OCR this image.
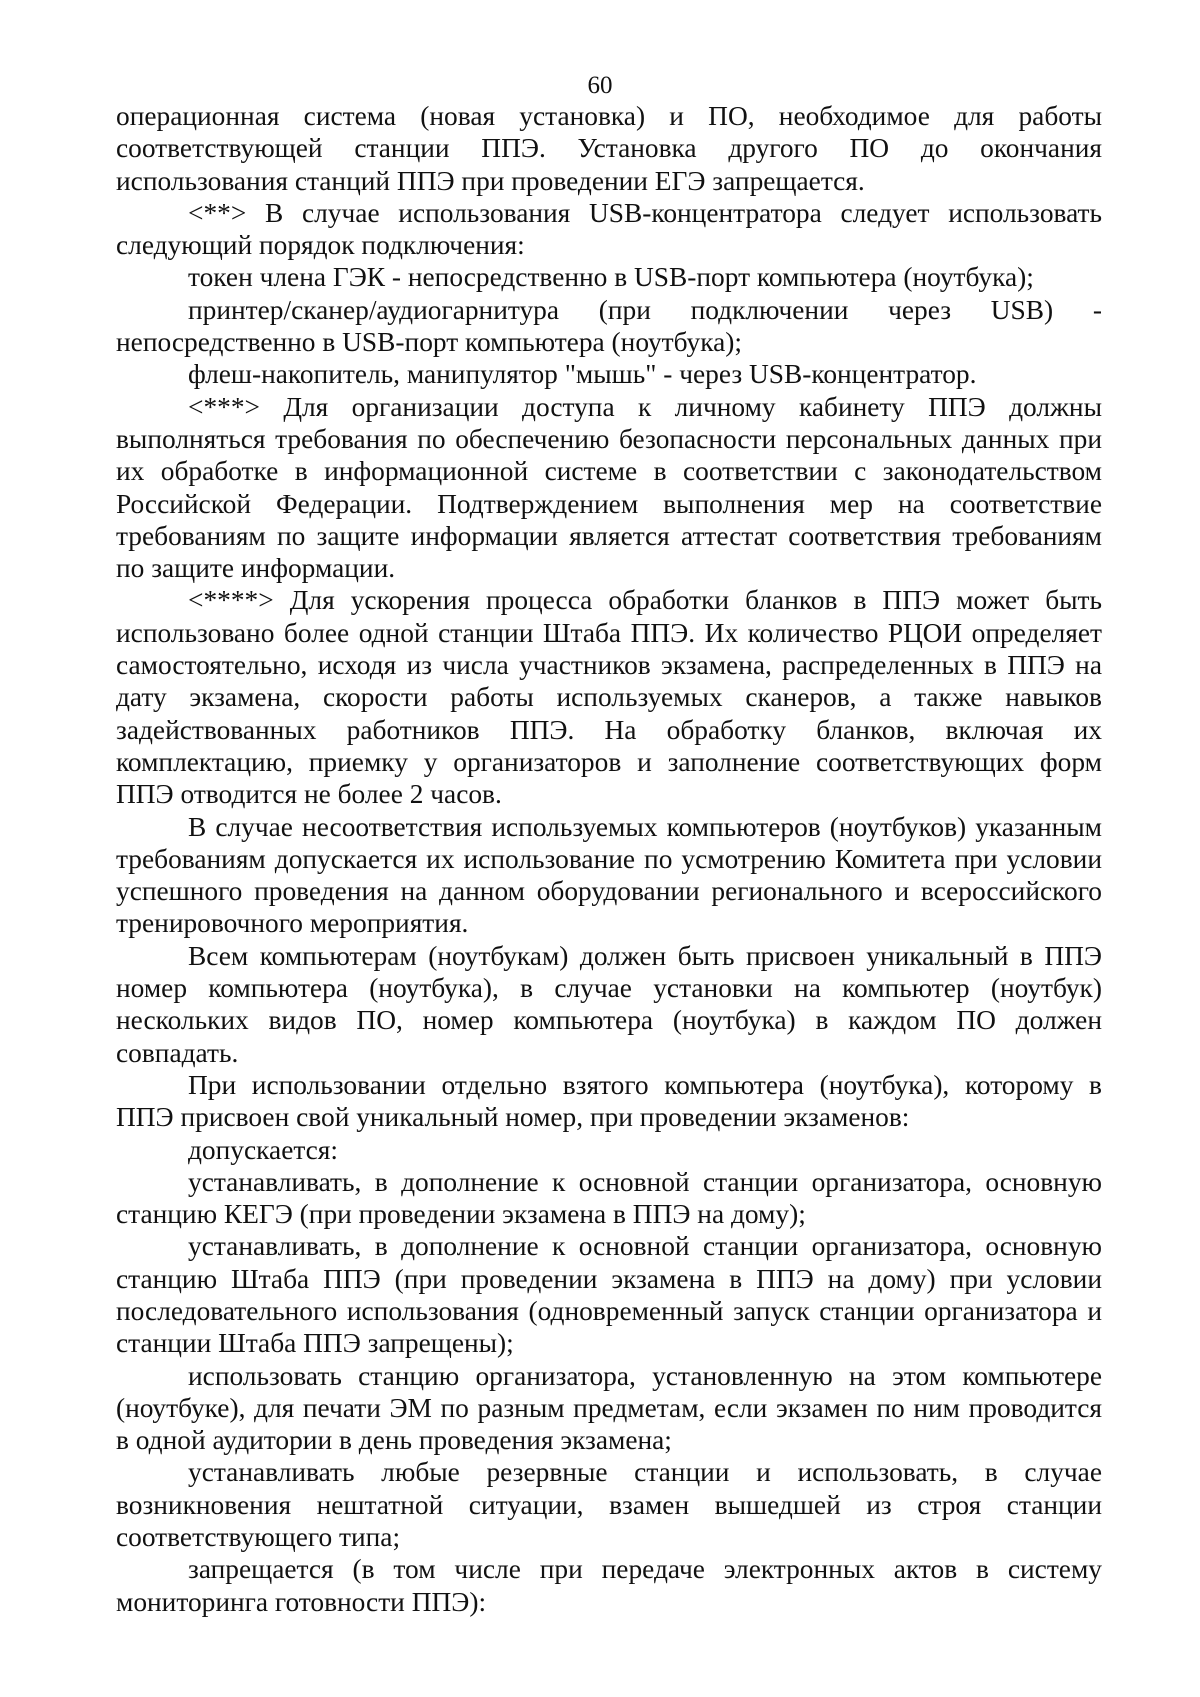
60

операционная система (новая установка) и ПО, необходимое для работы соответствующей станции ППЭ. Установка другого ПО до окончания использования станций ППЭ при проведении ЕГЭ запрещается.

<**> В случае использования USB-концентратора следует использовать следующий порядок подключения:

токен члена ГЭК - непосредственно в USB-порт компьютера (ноутбука);

принтер/сканер/аудиогарнитура (при подключении через USB) - непосредственно в USB-порт компьютера (ноутбука);

флеш-накопитель, манипулятор "мышь" - через USB-концентратор.

<***> Для организации доступа к личному кабинету ППЭ должны выполняться требования по обеспечению безопасности персональных данных при их обработке в информационной системе в соответствии с законодательством Российской Федерации. Подтверждением выполнения мер на соответствие требованиям по защите информации является аттестат соответствия требованиям по защите информации.

<****> Для ускорения процесса обработки бланков в ППЭ может быть использовано более одной станции Штаба ППЭ. Их количество РЦОИ определяет самостоятельно, исходя из числа участников экзамена, распределенных в ППЭ на дату экзамена, скорости работы используемых сканеров, а также навыков задействованных работников ППЭ. На обработку бланков, включая их комплектацию, приемку у организаторов и заполнение соответствующих форм ППЭ отводится не более 2 часов.

В случае несоответствия используемых компьютеров (ноутбуков) указанным требованиям допускается их использование по усмотрению Комитета при условии успешного проведения на данном оборудовании регионального и всероссийского тренировочного мероприятия.

Всем компьютерам (ноутбукам) должен быть присвоен уникальный в ППЭ номер компьютера (ноутбука), в случае установки на компьютер (ноутбук) нескольких видов ПО, номер компьютера (ноутбука) в каждом ПО должен совпадать.

При использовании отдельно взятого компьютера (ноутбука), которому в ППЭ присвоен свой уникальный номер, при проведении экзаменов:

допускается:

устанавливать, в дополнение к основной станции организатора, основную станцию КЕГЭ (при проведении экзамена в ППЭ на дому);

устанавливать, в дополнение к основной станции организатора, основную станцию Штаба ППЭ (при проведении экзамена в ППЭ на дому) при условии последовательного использования (одновременный запуск станции организатора и станции Штаба ППЭ запрещены);

использовать станцию организатора, установленную на этом компьютере (ноутбуке), для печати ЭМ по разным предметам, если экзамен по ним проводится в одной аудитории в день проведения экзамена;

устанавливать любые резервные станции и использовать, в случае возникновения нештатной ситуации, взамен вышедшей из строя станции соответствующего типа;

запрещается (в том числе при передаче электронных актов в систему мониторинга готовности ППЭ):
